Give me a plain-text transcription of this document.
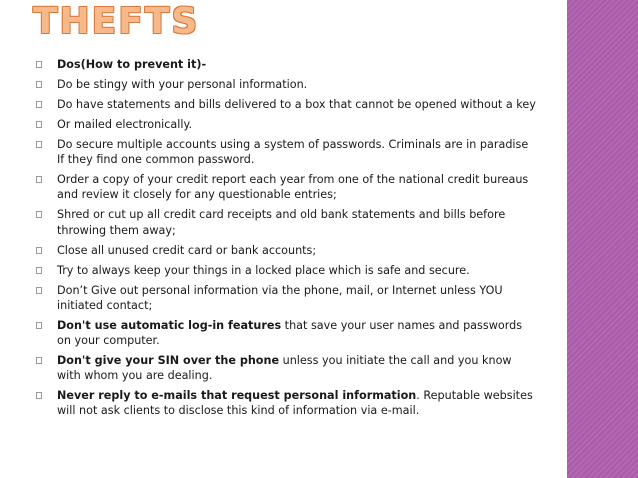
THEFTS
Dos(How to prevent it)-
Do be stingy with your personal information.
Do have statements and bills delivered to a box that cannot be opened without a key
Or mailed electronically.
Do secure multiple accounts using a system of passwords. Criminals are in paradise If they find one common password.
Order a copy of your credit report each year from one of the national credit bureaus and review it closely for any questionable entries;
Shred or cut up all credit card receipts and old bank statements and bills before throwing them away;
Close all unused credit card or bank accounts;
Try to always keep your things in a locked place which is safe and secure.
Don’t Give out personal information via the phone, mail, or Internet unless YOU initiated contact;
Don't use automatic log-in features that save your user names and passwords on your computer.
Don't give your SIN over the phone unless you initiate the call and you know with whom you are dealing.
Never reply to e-mails that request personal information. Reputable websites will not ask clients to disclose this kind of information via e-mail.
